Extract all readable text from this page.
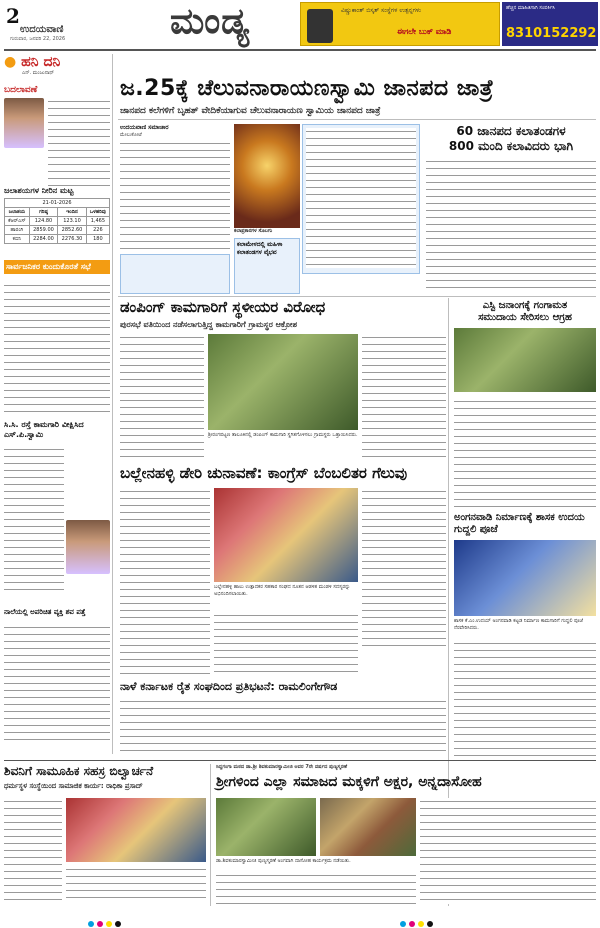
2
ಉದಯವಾಣಿ
ಗುರುವಾರ, ಜನವರಿ 22, 2026	ಮಂಡ್ಯ	ವಿಷ್ಣುಕಾಂತ್‌ ಬಿಸ್ಕತ್‌ ಸಂಸ್ಥೆಗಳ ಉತ್ಪನ್ನಗಳು
ಈಗಲೇ ಬುಕ್‌ ಮಾಡಿ
ಹೆಚ್ಚಿನ ಮಾಹಿತಿಗಾಗಿ ಸಂಪರ್ಕಿಸಿ
8310152292
● ಹನಿ ದನಿ
ಎನ್‌. ಮಂಜುನಾಥ್‌
ಬದಲಾವಣೆ
ಜಲಾಶಯಗಳ ನೀರಿನ ಮಟ್ಟ
21-01-2026			
ಜಲಾಶಯ	ಗರಿಷ್ಠ	ಇಂದಿನ	ಒಳಹರಿವು
ಕೆಆರ್‌ಎಸ್‌	124.80	123.10	1,465
ಹಾರಂಗಿ	2859.00	2852.60	226
ಕಬಿನಿ	2284.00	2276.30	180
ಸಾರ್ವಜನಿಕರ ಕುಂದುಕೊರತೆ ಸಭೆ
ಸಿ.ಸಿ. ರಸ್ತೆ ಕಾಮಗಾರಿ ವೀಕ್ಷಿಸಿದ ಎಸ್‌.ಪಿ.ಸ್ವಾಮಿ
ನಾಲೆಯಲ್ಲಿ ಅಪರಿಚಿತ ವ್ಯಕ್ತಿ ಶವ ಪತ್ತೆ
ಜ.25ಕ್ಕೆ ಚೆಲುವನಾರಾಯಣಸ್ವಾಮಿ ಜಾನಪದ ಜಾತ್ರೆ
ಜಾನಪದ ಕಲೆಗಳಿಗೆ ಬೃಹತ್‌ ವೇದಿಕೆಯಾಗುವ ಚೆಲುವನಾರಾಯಣ ಸ್ವಾಮಿಯ ಜಾನಪದ ಜಾತ್ರೆ
ಉದಯವಾಣಿ ಸಮಾಚಾರ
ಮೇಲುಕೋಟೆ
ಕಲಾಪ್ರಕಾರಗಳ ಸೊಬಗು
ಕಲಾಮೇಳದಲ್ಲಿ ಮಹಿಳಾ ಕಲಾತಂಡಗಳ ವೈಭವ
60 ಜಾನಪದ ಕಲಾತಂಡಗಳ
800 ಮಂದಿ ಕಲಾವಿದರು ಭಾಗಿ
ಡಂಪಿಂಗ್‌ ಕಾಮಗಾರಿಗೆ ಸ್ಥಳೀಯರ ವಿರೋಧ
ಪುರಸಭೆ ವತಿಯಿಂದ ನಡೆಸಲಾಗುತ್ತಿದ್ದ ಕಾಮಗಾರಿಗೆ ಗ್ರಾಮಸ್ಥರ ಆಕ್ರೋಶ
ಶ್ರೀರಂಗಪಟ್ಟಣ ತಾಲೂಕಿನಲ್ಲಿ ಡಂಪಿಂಗ್‌ ಕಾಮಗಾರಿ ಸ್ಥಗಿತಗೊಳಿಸಲು ಗ್ರಾಮಸ್ಥರು ಒತ್ತಾಯಿಸಿದರು.
ಬಲ್ಲೇನಹಳ್ಳಿ ಡೇರಿ ಚುನಾವಣೆ: ಕಾಂಗ್ರೆಸ್‌ ಬೆಂಬಲಿತರ ಗೆಲುವು
ಬಲ್ಲೇನಹಳ್ಳಿ ಹಾಲು ಉತ್ಪಾದಕರ ಸಹಕಾರ ಸಂಘದ ನೂತನ ಆಡಳಿತ ಮಂಡಳಿ ಸದಸ್ಯರನ್ನು ಅಭಿನಂದಿಸಲಾಯಿತು.
ನಾಳೆ ಕರ್ನಾಟಕ ರೈತ ಸಂಘದಿಂದ ಪ್ರತಿಭಟನೆ: ರಾಮಲಿಂಗೇಗೌಡ
ಎಸ್ಟಿ ಜನಾಂಗಕ್ಕೆ ಗಂಗಾಮತ
ಸಮುದಾಯ ಸೇರಿಸಲು ಆಗ್ರಹ
ಅಂಗನವಾಡಿ ನಿರ್ಮಾಣಕ್ಕೆ ಶಾಸಕ ಉದಯ ಗುದ್ದಲಿ ಪೂಜೆ
ಶಾಸಕ ಕೆ.ಎಂ.ಉದಯ್‌ ಅಂಗನವಾಡಿ ಕಟ್ಟಡ ನಿರ್ಮಾಣ ಕಾಮಗಾರಿಗೆ ಗುದ್ದಲಿ ಪೂಜೆ ನೆರವೇರಿಸಿದರು.
ಶಿವನಿಗೆ ಸಾಮೂಹಿಕ ಸಹಸ್ರ ಬಿಲ್ವಾರ್ಚನೆ
ಧರ್ಮಸ್ಥಳ ಸಂಸ್ಥೆಯಿಂದ ಸಾಮಾಜಿಕ ಕಾರ್ಯ: ರಾಧಿಕಾ ಪ್ರಸಾದ್‌
ಸಿದ್ದಗಂಗಾ ಮಠದ ಡಾ.ಶ್ರೀ ಶಿವಕುಮಾರಸ್ವಾಮೀಜಿ ಅವರ 7ನೇ ವರ್ಷದ ಪುಣ್ಯಸ್ಮರಣೆ
ಶ್ರೀಗಳಿಂದ ಎಲ್ಲಾ ಸಮಾಜದ ಮಕ್ಕಳಿಗೆ ಅಕ್ಷರ, ಅನ್ನದಾಸೋಹ
ಡಾ.ಶಿವಕುಮಾರಸ್ವಾಮೀಜಿ ಪುಣ್ಯಸ್ಮರಣೆ ಅಂಗವಾಗಿ ದಾಸೋಹ ಕಾರ್ಯಕ್ರಮ ನಡೆಯಿತು.
